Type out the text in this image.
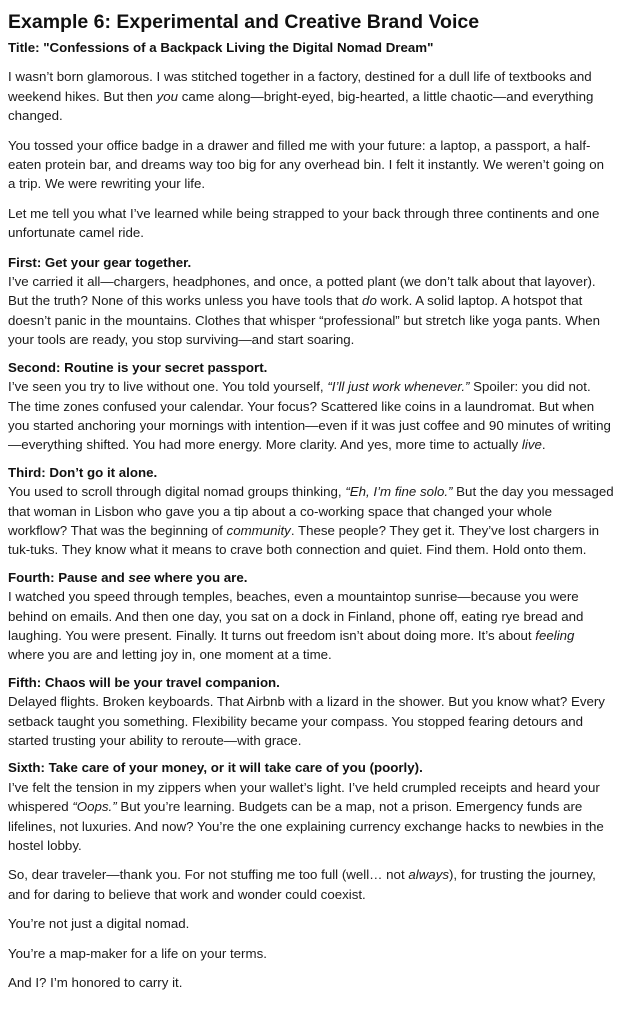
Example 6: Experimental and Creative Brand Voice
Title: "Confessions of a Backpack Living the Digital Nomad Dream"

I wasn’t born glamorous. I was stitched together in a factory, destined for a dull life of textbooks and weekend hikes. But then you came along—bright-eyed, big-hearted, a little chaotic—and everything changed.

You tossed your office badge in a drawer and filled me with your future: a laptop, a passport, a half-eaten protein bar, and dreams way too big for any overhead bin. I felt it instantly. We weren’t going on a trip. We were rewriting your life.

Let me tell you what I’ve learned while being strapped to your back through three continents and one unfortunate camel ride.

First: Get your gear together.

I’ve carried it all—chargers, headphones, and once, a potted plant (we don’t talk about that layover). But the truth? None of this works unless you have tools that do work. A solid laptop. A hotspot that doesn’t panic in the mountains. Clothes that whisper “professional” but stretch like yoga pants. When your tools are ready, you stop surviving—and start soaring.

Second: Routine is your secret passport.

I’ve seen you try to live without one. You told yourself, “I’ll just work whenever.” Spoiler: you did not. The time zones confused your calendar. Your focus? Scattered like coins in a laundromat. But when you started anchoring your mornings with intention—even if it was just coffee and 90 minutes of writing—everything shifted. You had more energy. More clarity. And yes, more time to actually live.

Third: Don’t go it alone.

You used to scroll through digital nomad groups thinking, “Eh, I’m fine solo.” But the day you messaged that woman in Lisbon who gave you a tip about a co-working space that changed your whole workflow? That was the beginning of community. These people? They get it. They’ve lost chargers in tuk-tuks. They know what it means to crave both connection and quiet. Find them. Hold onto them.

Fourth: Pause and see where you are.

I watched you speed through temples, beaches, even a mountaintop sunrise—because you were behind on emails. And then one day, you sat on a dock in Finland, phone off, eating rye bread and laughing. You were present. Finally. It turns out freedom isn’t about doing more. It’s about feeling where you are and letting joy in, one moment at a time.

Fifth: Chaos will be your travel companion.

Delayed flights. Broken keyboards. That Airbnb with a lizard in the shower. But you know what? Every setback taught you something. Flexibility became your compass. You stopped fearing detours and started trusting your ability to reroute—with grace.

Sixth: Take care of your money, or it will take care of you (poorly).

I’ve felt the tension in my zippers when your wallet’s light. I’ve held crumpled receipts and heard your whispered “Oops.” But you’re learning. Budgets can be a map, not a prison. Emergency funds are lifelines, not luxuries. And now? You’re the one explaining currency exchange hacks to newbies in the hostel lobby.

So, dear traveler—thank you. For not stuffing me too full (well… not always), for trusting the journey, and for daring to believe that work and wonder could coexist.

You’re not just a digital nomad.

You’re a map-maker for a life on your terms.

And I? I’m honored to carry it.
